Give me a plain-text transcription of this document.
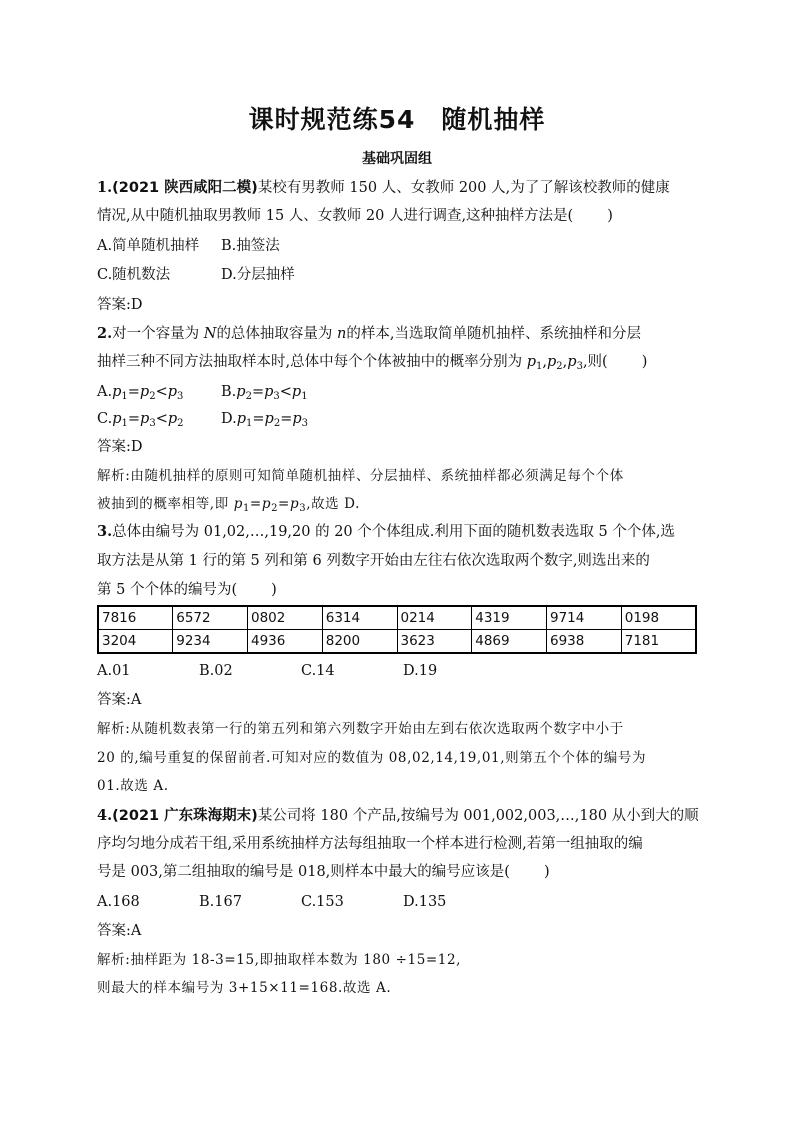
课时规范练54　随机抽样
基础巩固组
1.(2021 陕西咸阳二模)某校有男教师 150 人、女教师 200 人,为了了解该校教师的健康
情况,从中随机抽取男教师 15 人、女教师 20 人进行调查,这种抽样方法是( )
A.简单随机抽样 B.抽签法
C.随机数法	D.分层抽样
答案:D
2.对一个容量为 N的总体抽取容量为 n的样本,当选取简单随机抽样、系统抽样和分层
抽样三种不同方法抽取样本时,总体中每个个体被抽中的概率分别为 $p_1,p_2,p_3$,则( )
$A.p_1=p_2<p_3$	$B.p_2=p_3<p_1$
$C.p_1=p_3<p_2$	$D.p_1=p_2=p_3$
答案:D
解析:由随机抽样的原则可知简单随机抽样、分层抽样、系统抽样都必须满足每个个体
被抽到的概率相等,即 $p_1=p_2=p_3$,故选 D.
3.总体由编号为 01,02,…,19,20 的 20 个个体组成.利用下面的随机数表选取 5 个个体,选
取方法是从第 1 行的第 5 列和第 6 列数字开始由左往右依次选取两个数字,则选出来的
第 5 个个体的编号为( )
7816	6572	0802	6314	0214	4319	9714	0198
3204	9234	4936	8200	3623	4869	6938	7181
A.01	B.02	C.14	D.19
答案:A
解析:从随机数表第一行的第五列和第六列数字开始由左到右依次选取两个数字中小于
20 的,编号重复的保留前者.可知对应的数值为 08,02,14,19,01,则第五个个体的编号为
01.故选 A.
4.(2021 广东珠海期末)某公司将 180 个产品,按编号为 001,002,003,…,180 从小到大的顺
序均匀地分成若干组,采用系统抽样方法每组抽取一个样本进行检测,若第一组抽取的编
号是 003,第二组抽取的编号是 018,则样本中最大的编号应该是( )
A.168	B.167	C.153	D.135
答案:A
解析:抽样距为 18-3=15,即抽取样本数为 180 ÷15=12,
则最大的样本编号为 3+15×11=168.故选 A.
